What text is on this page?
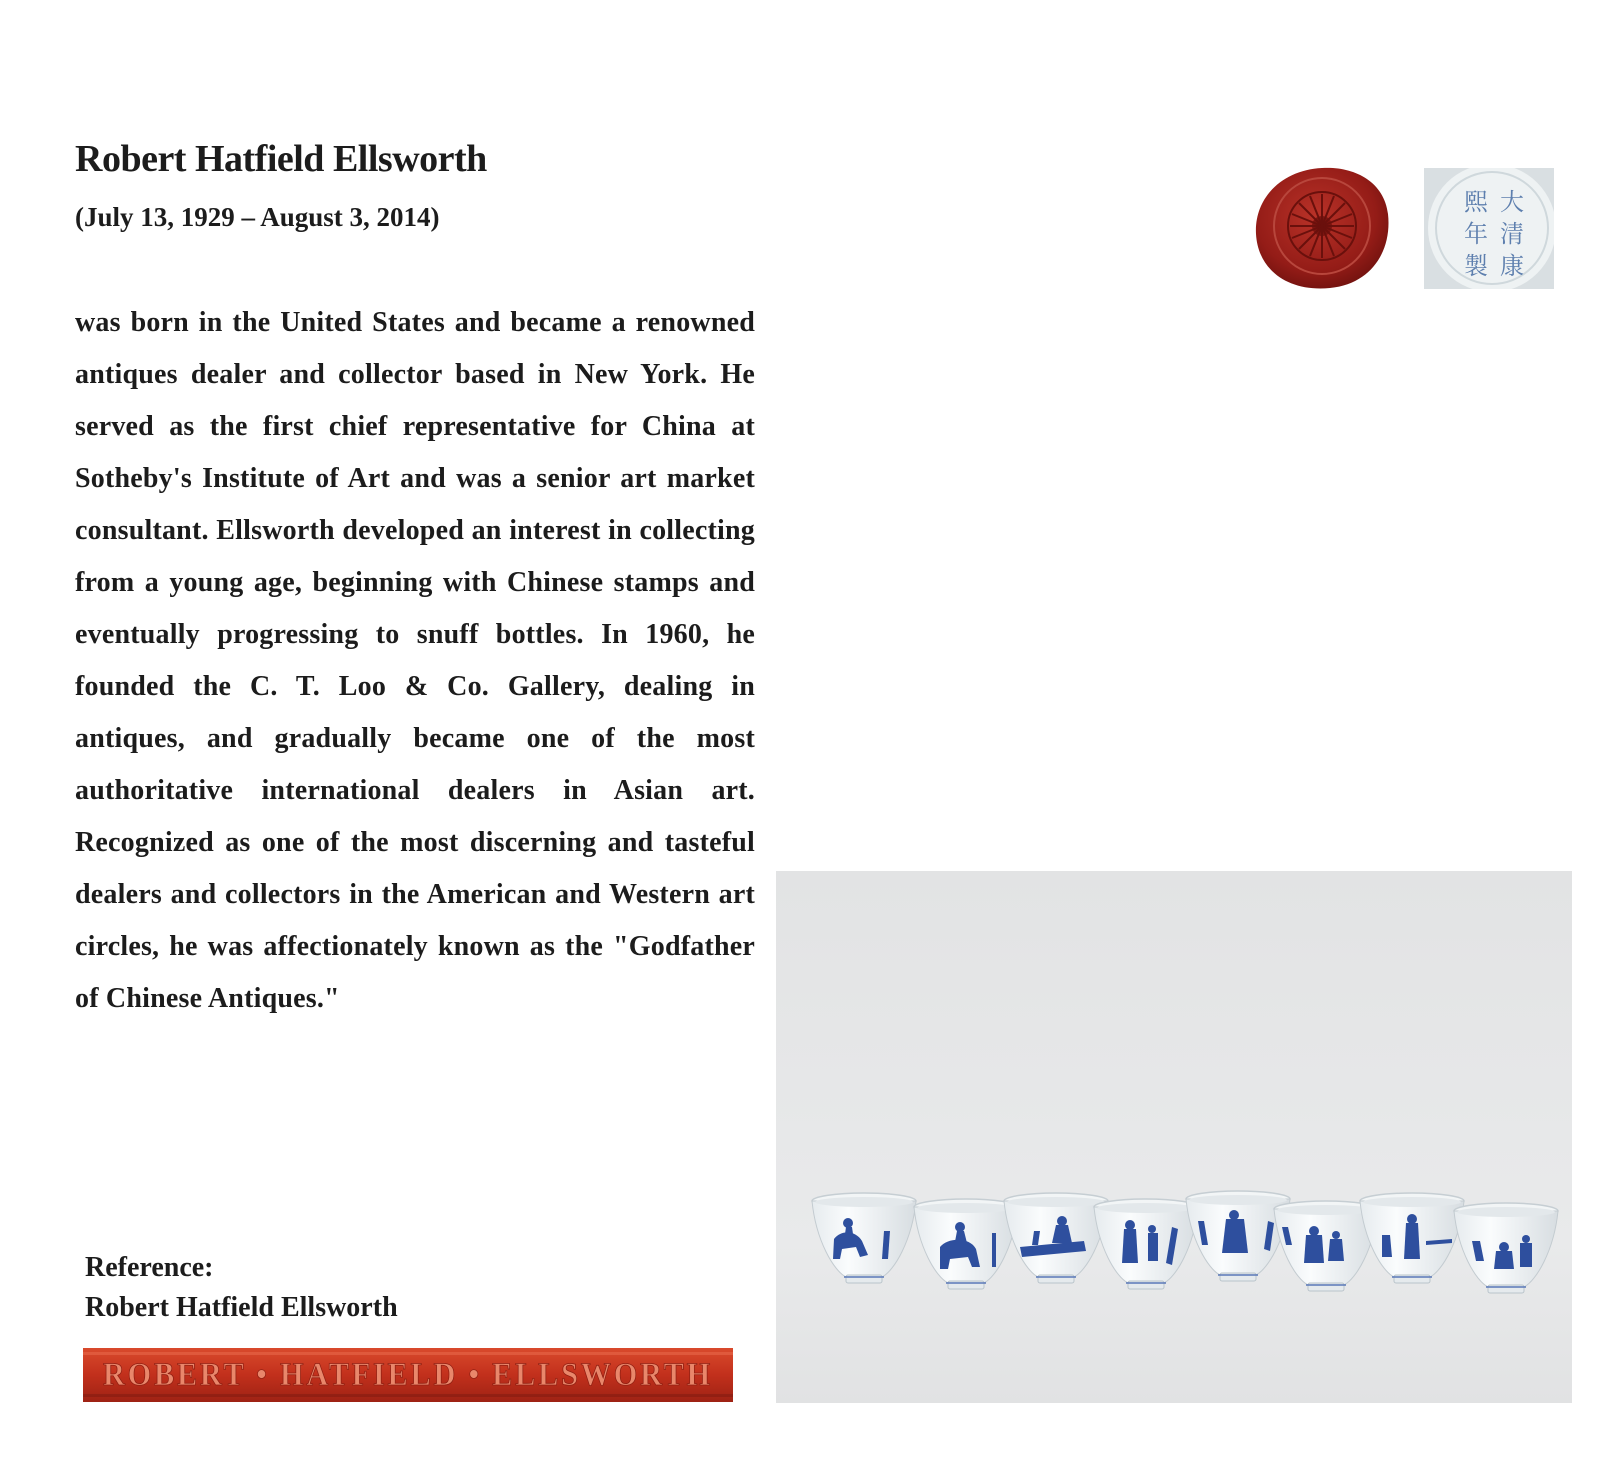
Robert Hatfield Ellsworth
(July 13, 1929 – August 3, 2014)

was born in the United States and became a renowned antiques dealer and collector based in New York. He served as the first chief representative for China at Sotheby's Institute of Art and was a senior art market consultant. Ellsworth developed an interest in collecting from a young age, beginning with Chinese stamps and eventually progressing to snuff bottles. In 1960, he founded the C. T. Loo & Co. Gallery, dealing in antiques, and gradually became one of the most authoritative international dealers in Asian art. Recognized as one of the most discerning and tasteful dealers and collectors in the American and Western art circles, he was affectionately known as the "Godfather of Chinese Antiques."

Reference:
Robert Hatfield Ellsworth
ROBERT • HATFIELD • ELLSWORTH
大
清
康
熙
年
製
